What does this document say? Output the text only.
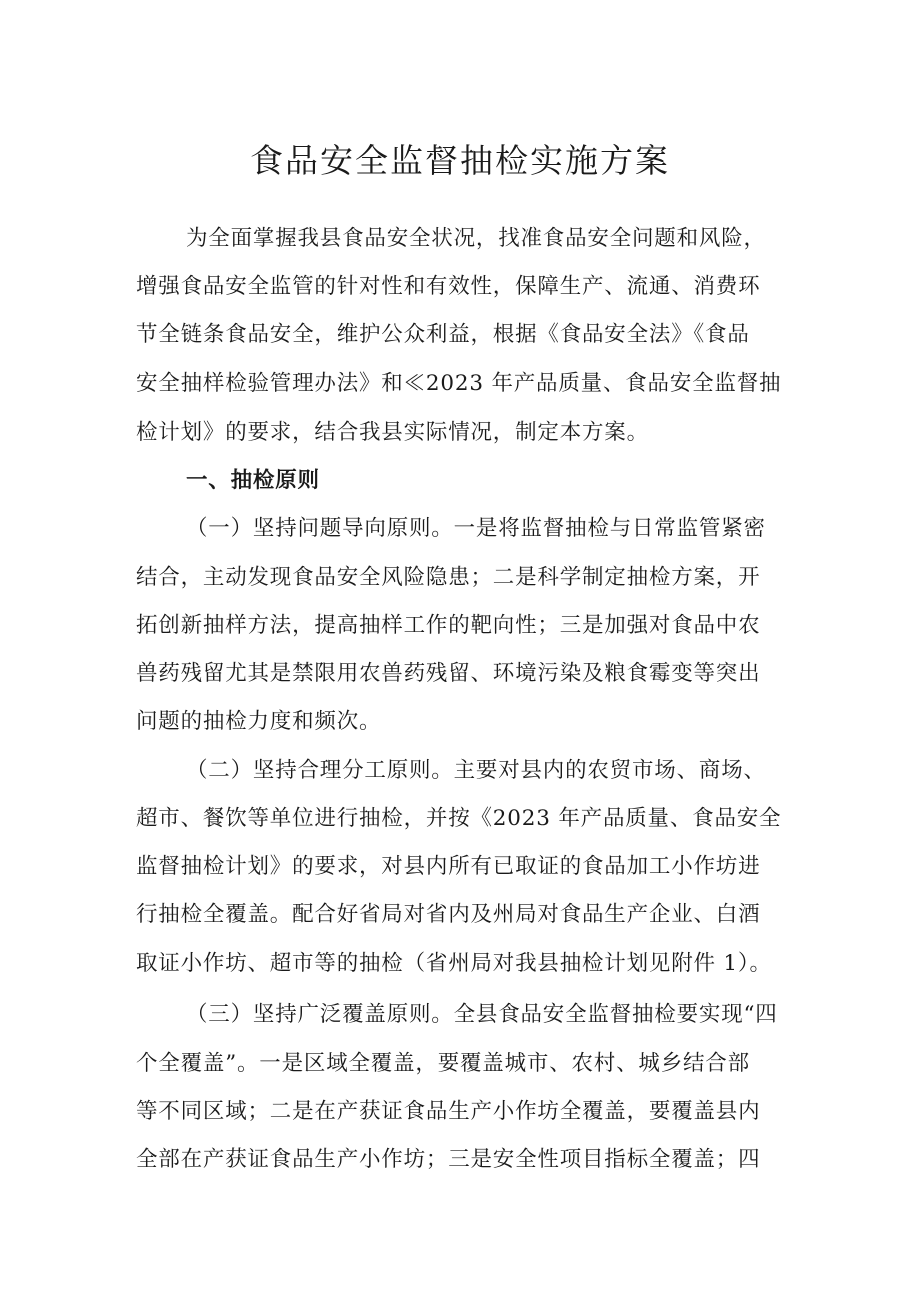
食品安全监督抽检实施方案
为全面掌握我县食品安全状况，找准食品安全问题和风险，
增强食品安全监管的针对性和有效性，保障生产、流通、消费环
节全链条食品安全，维护公众利益，根据《食品安全法》《食品
安全抽样检验管理办法》和≪2023 年产品质量、食品安全监督抽
检计划》的要求，结合我县实际情况，制定本方案。
一、抽检原则
（一）坚持问题导向原则。一是将监督抽检与日常监管紧密
结合，主动发现食品安全风险隐患；二是科学制定抽检方案，开
拓创新抽样方法，提高抽样工作的靶向性；三是加强对食品中农
兽药残留尤其是禁限用农兽药残留、环境污染及粮食霉变等突出
问题的抽检力度和频次。
（二）坚持合理分工原则。主要对县内的农贸市场、商场、
超市、餐饮等单位进行抽检，并按《2023 年产品质量、食品安全
监督抽检计划》的要求，对县内所有已取证的食品加工小作坊进
行抽检全覆盖。配合好省局对省内及州局对食品生产企业、白酒
取证小作坊、超市等的抽检（省州局对我县抽检计划见附件 1）。
（三）坚持广泛覆盖原则。全县食品安全监督抽检要实现“四
个全覆盖”。一是区域全覆盖，要覆盖城市、农村、城乡结合部
等不同区域；二是在产获证食品生产小作坊全覆盖，要覆盖县内
全部在产获证食品生产小作坊；三是安全性项目指标全覆盖；四
